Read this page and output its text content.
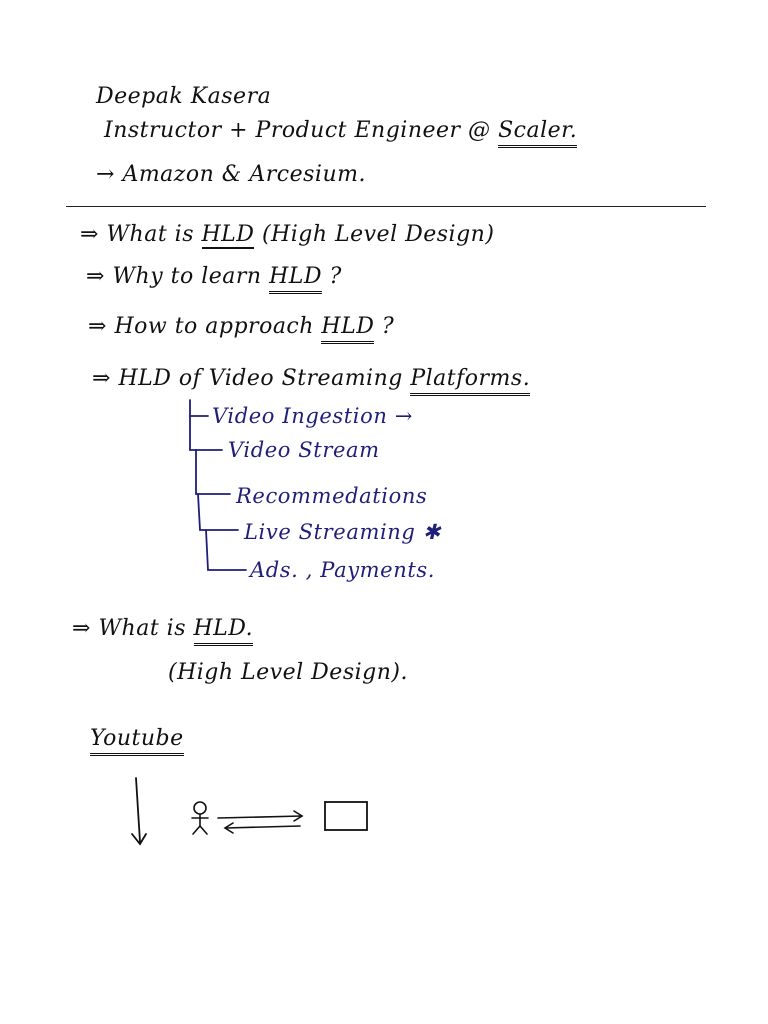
Deepak Kasera
Instructor + Product Engineer @ Scaler.
→ Amazon & Arcesium.
⇒ What is HLD (High Level Design)
⇒ Why to learn HLD ?
⇒ How to approach HLD ?
⇒ HLD of Video Streaming Platforms.
Video Ingestion →
Video Stream
Recommedations
Live Streaming ✱
Ads. , Payments.
⇒ What is HLD.
(High Level Design).
Youtube
